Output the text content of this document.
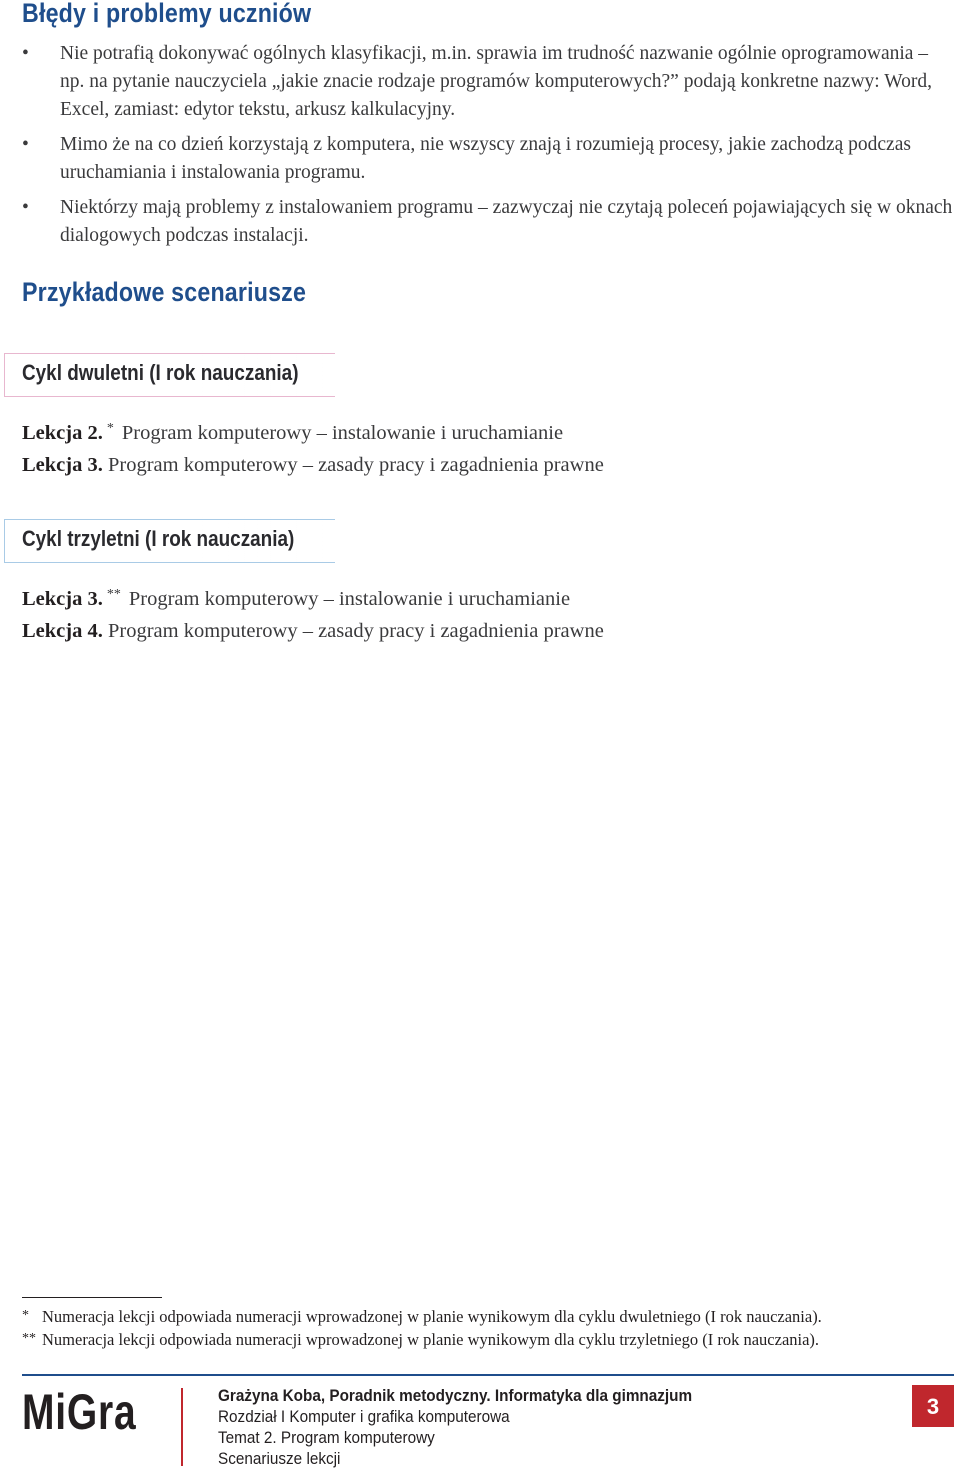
Błędy i problemy uczniów
• Nie potrafią dokonywać ogólnych klasyfikacji, m.in. sprawia im trudność nazwanie ogólnie oprogramowania – np. na pytanie nauczyciela „jakie znacie rodzaje programów komputerowych?” podają konkretne nazwy: Word, Excel, zamiast: edytor tekstu, arkusz kalkulacyjny.
• Mimo że na co dzień korzystają z komputera, nie wszyscy znają i rozumieją procesy, jakie zachodzą podczas uruchamiania i instalowania programu.
• Niektórzy mają problemy z instalowaniem programu – zazwyczaj nie czytają poleceń pojawiających się w oknach dialogowych podczas instalacji.
Przykładowe scenariusze
Cykl dwuletni (I rok nauczania)
Lekcja 2. * Program komputerowy – instalowanie i uruchamianie
Lekcja 3. Program komputerowy – zasady pracy i zagadnienia prawne
Cykl trzyletni (I rok nauczania)
Lekcja 3. ** Program komputerowy – instalowanie i uruchamianie
Lekcja 4. Program komputerowy – zasady pracy i zagadnienia prawne
* Numeracja lekcji odpowiada numeracji wprowadzonej w planie wynikowym dla cyklu dwuletniego (I rok nauczania).
** Numeracja lekcji odpowiada numeracji wprowadzonej w planie wynikowym dla cyklu trzyletniego (I rok nauczania).
MiGra	Grażyna Koba, Poradnik metodyczny. Informatyka dla gimnazjum
Rozdział I Komputer i grafika komputerowa
Temat 2. Program komputerowy
Scenariusze lekcji
3
